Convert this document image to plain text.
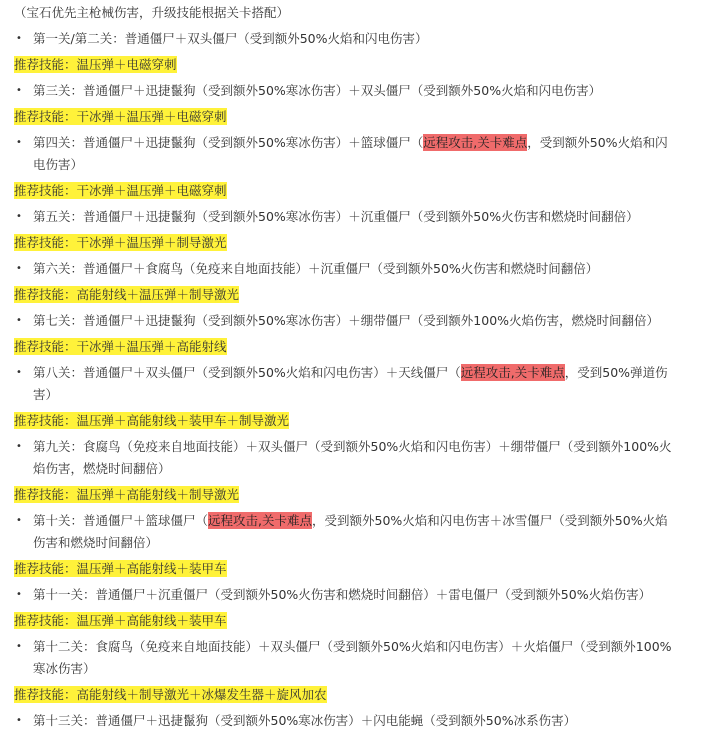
（宝石优先主枪械伤害，升级技能根据关卡搭配）
• 第一关/第二关：普通僵尸＋双头僵尸（受到额外50%火焰和闪电伤害）
推荐技能：温压弹＋电磁穿刺
• 第三关：普通僵尸＋迅捷鬣狗（受到额外50%寒冰伤害）＋双头僵尸（受到额外50%火焰和闪电伤害）
推荐技能：干冰弹＋温压弹＋电磁穿刺
• 第四关：普通僵尸＋迅捷鬣狗（受到额外50%寒冰伤害）＋篮球僵尸（远程攻击,关卡难点，受到额外50%火焰和闪电伤害）
推荐技能：干冰弹＋温压弹＋电磁穿刺
• 第五关：普通僵尸＋迅捷鬣狗（受到额外50%寒冰伤害）＋沉重僵尸（受到额外50%火伤害和燃烧时间翻倍）
推荐技能：干冰弹＋温压弹＋制导激光
• 第六关：普通僵尸＋食腐鸟（免疫来自地面技能）＋沉重僵尸（受到额外50%火伤害和燃烧时间翻倍）
推荐技能：高能射线＋温压弹＋制导激光
• 第七关：普通僵尸＋迅捷鬣狗（受到额外50%寒冰伤害）＋绷带僵尸（受到额外100%火焰伤害，燃烧时间翻倍）
推荐技能：干冰弹＋温压弹＋高能射线
• 第八关：普通僵尸＋双头僵尸（受到额外50%火焰和闪电伤害）＋天线僵尸（远程攻击,关卡难点，受到50%弹道伤害）
推荐技能：温压弹＋高能射线＋装甲车＋制导激光
• 第九关：食腐鸟（免疫来自地面技能）＋双头僵尸（受到额外50%火焰和闪电伤害）＋绷带僵尸（受到额外100%火焰伤害，燃烧时间翻倍）
推荐技能：温压弹＋高能射线＋制导激光
• 第十关：普通僵尸＋篮球僵尸（远程攻击,关卡难点，受到额外50%火焰和闪电伤害＋冰雪僵尸（受到额外50%火焰伤害和燃烧时间翻倍）
推荐技能：温压弹＋高能射线＋装甲车
• 第十一关：普通僵尸＋沉重僵尸（受到额外50%火伤害和燃烧时间翻倍）＋雷电僵尸（受到额外50%火焰伤害）
推荐技能：温压弹＋高能射线＋装甲车
• 第十二关：食腐鸟（免疫来自地面技能）＋双头僵尸（受到额外50%火焰和闪电伤害）＋火焰僵尸（受到额外100%寒冰伤害）
推荐技能：高能射线＋制导激光＋冰爆发生器＋旋风加农
• 第十三关：普通僵尸＋迅捷鬣狗（受到额外50%寒冰伤害）＋闪电能蝇（受到额外50%冰系伤害）
